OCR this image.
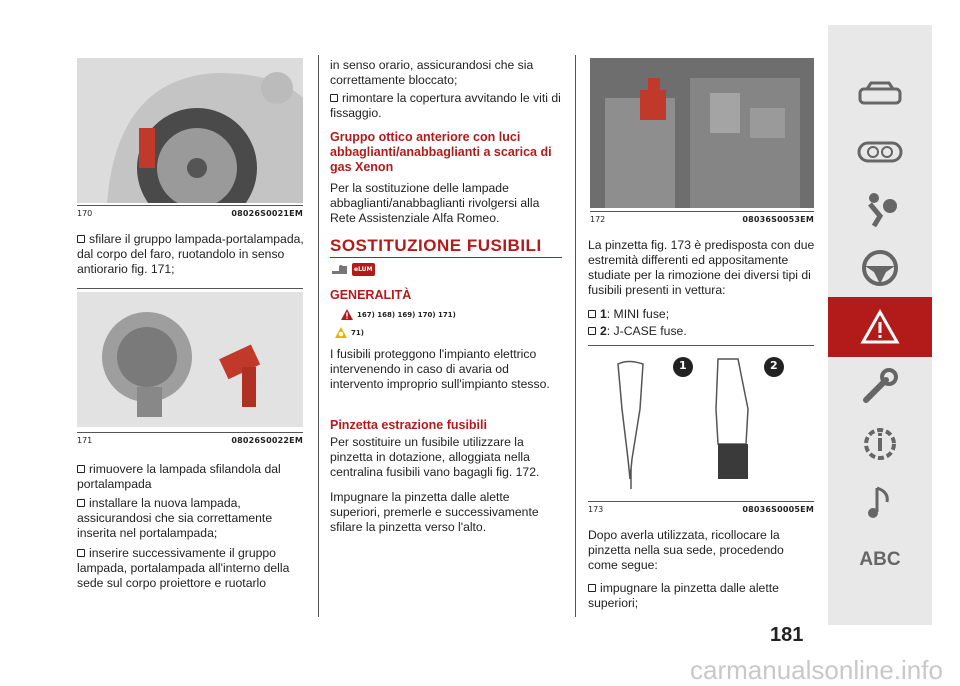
170	08026S0021EM
sfilare il gruppo lampada-portalampada, dal corpo del faro, ruotandolo in senso antiorario fig. 171;
171	08026S0022EM
rimuovere la lampada sfilandola dal portalampada
installare la nuova lampada, assicurandosi che sia correttamente inserita nel portalampada;
inserire successivamente il gruppo lampada, portalampada all'interno della sede sul corpo proiettore e ruotarlo
in senso orario, assicurandosi che sia correttamente bloccato;
rimontare la copertura avvitando le viti di fissaggio.
Gruppo ottico anteriore con luci abbaglianti/anabbaglianti a scarica di gas Xenon
Per la sostituzione delle lampade abbaglianti/anabbaglianti rivolgersi alla Rete Assistenziale Alfa Romeo.
SOSTITUZIONE FUSIBILI
eLUM
GENERALITÀ
167) 168) 169) 170) 171)
71)
I fusibili proteggono l'impianto elettrico intervenendo in caso di avaria od intervento improprio sull'impianto stesso.
Pinzetta estrazione fusibili
Per sostituire un fusibile utilizzare la pinzetta in dotazione, alloggiata nella centralina fusibili vano bagagli fig. 172.
Impugnare la pinzetta dalle alette superiori, premerle e successivamente sfilare la pinzetta verso l'alto.
172	08036S0053EM
La pinzetta fig. 173 è predisposta con due estremità differenti ed appositamente studiate per la rimozione dei diversi tipi di fusibili presenti in vettura:
1: MINI fuse;
2: J-CASE fuse.
1	2
173	08036S0005EM
Dopo averla utilizzata, ricollocare la pinzetta nella sua sede, procedendo come segue:
impugnare la pinzetta dalle alette superiori;
ABC
181
carmanualsonline.info
